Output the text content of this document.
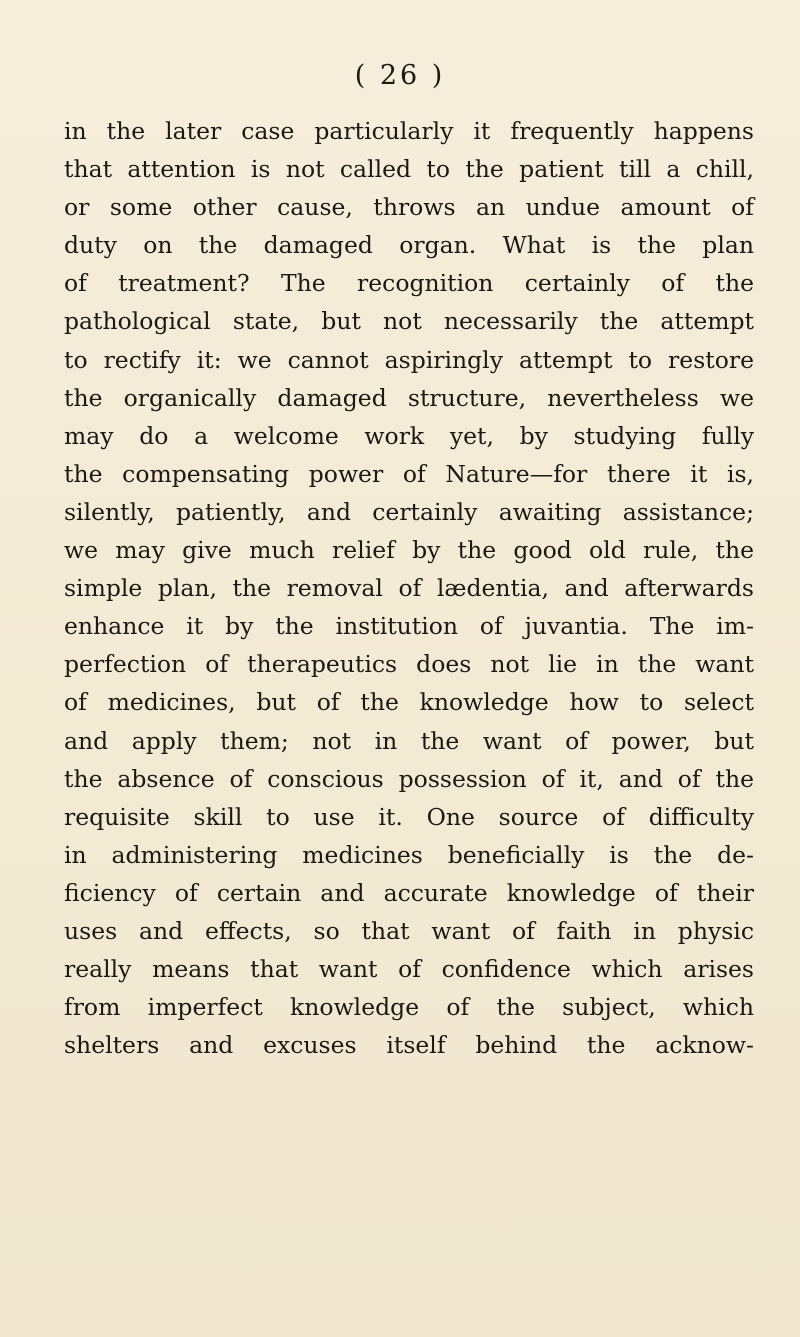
( 26 )
in the later case particularly it frequently happens
that attention is not called to the patient till a chill,
or some other cause, throws an undue amount of
duty on the damaged organ. What is the plan
of treatment? The recognition certainly of the
pathological state, but not necessarily the attempt
to rectify it: we cannot aspiringly attempt to restore
the organically damaged structure, nevertheless we
may do a welcome work yet, by studying fully
the compensating power of Nature—for there it is,
silently, patiently, and certainly awaiting assistance;
we may give much relief by the good old rule, the
simple plan, the removal of lædentia, and afterwards
enhance it by the institution of juvantia. The im-
perfection of therapeutics does not lie in the want
of medicines, but of the knowledge how to select
and apply them; not in the want of power, but
the absence of conscious possession of it, and of the
requisite skill to use it. One source of difficulty
in administering medicines beneficially is the de-
ficiency of certain and accurate knowledge of their
uses and effects, so that want of faith in physic
really means that want of confidence which arises
from imperfect knowledge of the subject, which
shelters and excuses itself behind the acknow-
